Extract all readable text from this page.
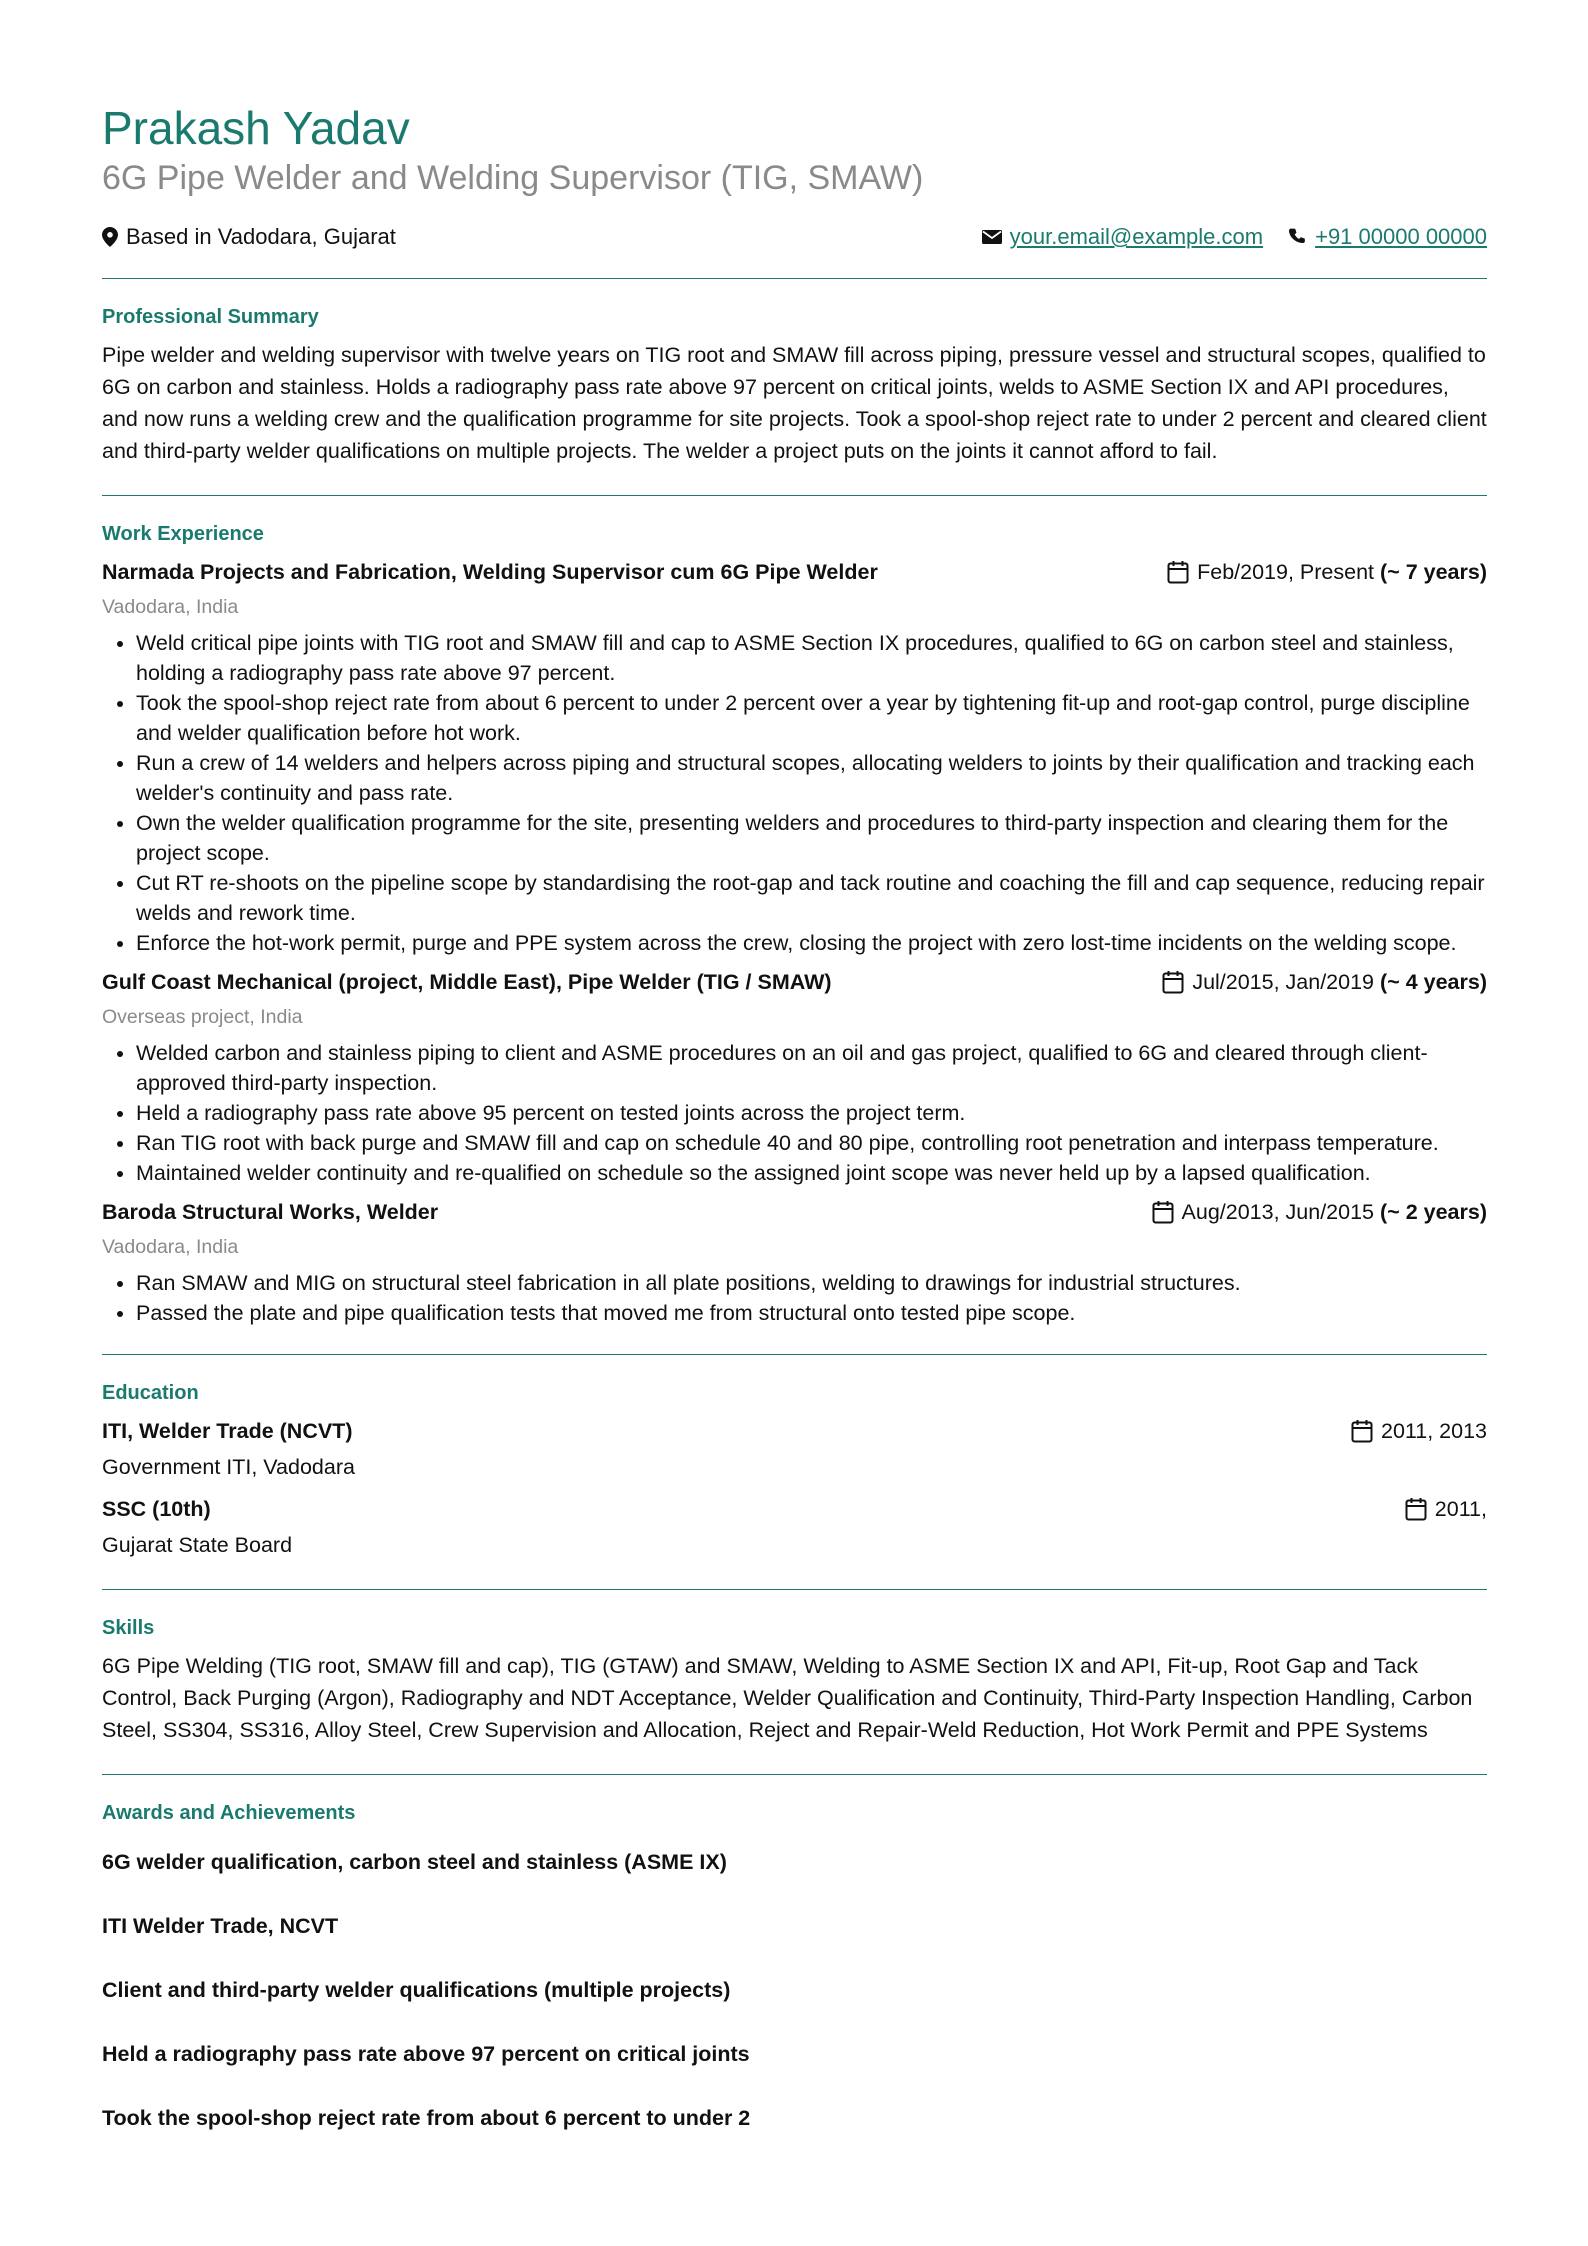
Prakash Yadav
6G Pipe Welder and Welding Supervisor (TIG, SMAW)
Based in Vadodara, Gujarat	your.email@example.com +91 00000 00000
Professional Summary

Pipe welder and welding supervisor with twelve years on TIG root and SMAW fill across piping, pressure vessel and structural scopes, qualified to 6G on carbon and stainless. Holds a radiography pass rate above 97 percent on critical joints, welds to ASME Section IX and API procedures, and now runs a welding crew and the qualification programme for site projects. Took a spool-shop reject rate to under 2 percent and cleared client and third-party welder qualifications on multiple projects. The welder a project puts on the joints it cannot afford to fail.

Work Experience
Narmada Projects and Fabrication , Welding Supervisor cum 6G Pipe Welder	Feb/2019, Present (~ 7 years)
Vadodara, India
• Weld critical pipe joints with TIG root and SMAW fill and cap to ASME Section IX procedures, qualified to 6G on carbon steel and stainless, holding a radiography pass rate above 97 percent.
• Took the spool-shop reject rate from about 6 percent to under 2 percent over a year by tightening fit-up and root-gap control, purge discipline and welder qualification before hot work.
• Run a crew of 14 welders and helpers across piping and structural scopes, allocating welders to joints by their qualification and tracking each welder's continuity and pass rate.
• Own the welder qualification programme for the site, presenting welders and procedures to third-party inspection and clearing them for the project scope.
• Cut RT re-shoots on the pipeline scope by standardising the root-gap and tack routine and coaching the fill and cap sequence, reducing repair welds and rework time.
• Enforce the hot-work permit, purge and PPE system across the crew, closing the project with zero lost-time incidents on the welding scope.
Gulf Coast Mechanical (project, Middle East) , Pipe Welder (TIG / SMAW)	Jul/2015, Jan/2019 (~ 4 years)
Overseas project, India
• Welded carbon and stainless piping to client and ASME procedures on an oil and gas project, qualified to 6G and cleared through client-approved third-party inspection.
• Held a radiography pass rate above 95 percent on tested joints across the project term.
• Ran TIG root with back purge and SMAW fill and cap on schedule 40 and 80 pipe, controlling root penetration and interpass temperature.
• Maintained welder continuity and re-qualified on schedule so the assigned joint scope was never held up by a lapsed qualification.
Baroda Structural Works , Welder	Aug/2013, Jun/2015 (~ 2 years)
Vadodara, India
• Ran SMAW and MIG on structural steel fabrication in all plate positions, welding to drawings for industrial structures.
• Passed the plate and pipe qualification tests that moved me from structural onto tested pipe scope.
Education
ITI, Welder Trade (NCVT)	2011, 2013
Government ITI, Vadodara
SSC (10th)	2011,
Gujarat State Board
Skills

6G Pipe Welding (TIG root, SMAW fill and cap), TIG (GTAW) and SMAW, Welding to ASME Section IX and API, Fit-up, Root Gap and Tack Control, Back Purging (Argon), Radiography and NDT Acceptance, Welder Qualification and Continuity, Third-Party Inspection Handling, Carbon Steel, SS304, SS316, Alloy Steel, Crew Supervision and Allocation, Reject and Repair-Weld Reduction, Hot Work Permit and PPE Systems

Awards and Achievements
6G welder qualification, carbon steel and stainless (ASME IX)
ITI Welder Trade, NCVT
Client and third-party welder qualifications (multiple projects)
Held a radiography pass rate above 97 percent on critical joints
Took the spool-shop reject rate from about 6 percent to under 2
